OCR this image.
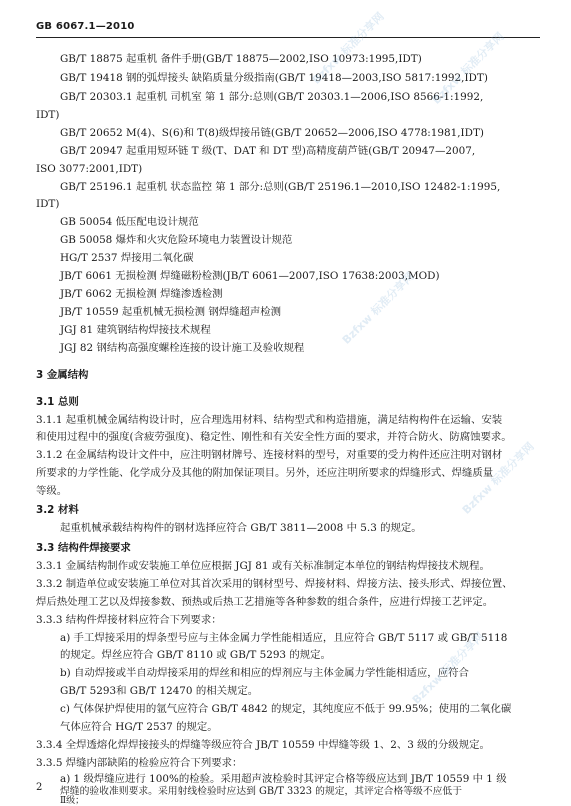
GB 6067.1—2010
GB/T 18875 起重机 备件手册(GB/T 18875—2002,ISO 10973:1995,IDT)
GB/T 19418 钢的弧焊接头 缺陷质量分级指南(GB/T 19418—2003,ISO 5817:1992,IDT)
GB/T 20303.1 起重机 司机室 第 1 部分:总则(GB/T 20303.1—2006,ISO 8566-1:1992,
IDT)
GB/T 20652 M(4)、S(6)和 T(8)级焊接吊链(GB/T 20652—2006,ISO 4778:1981,IDT)
GB/T 20947 起重用短环链 T 级(T、DAT 和 DT 型)高精度葫芦链(GB/T 20947—2007,
ISO 3077:2001,IDT)
GB/T 25196.1 起重机 状态监控 第 1 部分:总则(GB/T 25196.1—2010,ISO 12482-1:1995,
IDT)
GB 50054 低压配电设计规范
GB 50058 爆炸和火灾危险环境电力装置设计规范
HG/T 2537 焊接用二氧化碳
JB/T 6061 无损检测 焊缝磁粉检测(JB/T 6061—2007,ISO 17638:2003,MOD)
JB/T 6062 无损检测 焊缝渗透检测
JB/T 10559 起重机械无损检测 钢焊缝超声检测
JGJ 81 建筑钢结构焊接技术规程
JGJ 82 钢结构高强度螺栓连接的设计施工及验收规程
3 金属结构
3.1 总则
3.1.1 起重机械金属结构设计时，应合理选用材料、结构型式和构造措施，满足结构构件在运输、安装
和使用过程中的强度(含疲劳强度)、稳定性、刚性和有关安全性方面的要求，并符合防火、防腐蚀要求。
3.1.2 在金属结构设计文件中，应注明钢材牌号、连接材料的型号，对重要的受力构件还应注明对钢材
所要求的力学性能、化学成分及其他的附加保证项目。另外，还应注明所要求的焊缝形式、焊缝质量
等级。
3.2 材料
起重机械承载结构构件的钢材选择应符合 GB/T 3811—2008 中 5.3 的规定。
3.3 结构件焊接要求
3.3.1 金属结构制作或安装施工单位应根据 JGJ 81 或有关标准制定本单位的钢结构焊接技术规程。
3.3.2 制造单位或安装施工单位对其首次采用的钢材型号、焊接材料、焊接方法、接头形式、焊接位置、
焊后热处理工艺以及焊接参数、预热或后热工艺措施等各种参数的组合条件，应进行焊接工艺评定。
3.3.3 结构件焊接材料应符合下列要求：
a) 手工焊接采用的焊条型号应与主体金属力学性能相适应，且应符合 GB/T 5117 或 GB/T 5118
的规定。焊丝应符合 GB/T 8110 或 GB/T 5293 的规定。
b) 自动焊接或半自动焊接采用的焊丝和相应的焊剂应与主体金属力学性能相适应，应符合
GB/T 5293和 GB/T 12470 的相关规定。
c) 气体保护焊使用的氩气应符合 GB/T 4842 的规定，其纯度应不低于 99.95%；使用的二氧化碳
气体应符合 HG/T 2537 的规定。
3.3.4 全焊透熔化焊焊接接头的焊缝等级应符合 JB/T 10559 中焊缝等级 1、2、3 级的分级规定。
3.3.5 焊缝内部缺陷的检验应符合下列要求：
a) 1 级焊缝应进行 100%的检验。采用超声波检验时其评定合格等级应达到 JB/T 10559 中 1 级
焊缝的验收准则要求。采用射线检验时应达到 GB/T 3323 的规定，其评定合格等级不应低于
Ⅱ级；
2
Bzfxw 标准分享网	Bzfxw 标准分享网
Bzfxw 标准分享网
Bzfxw 标准分享网
Bzfxw 标准分享网
